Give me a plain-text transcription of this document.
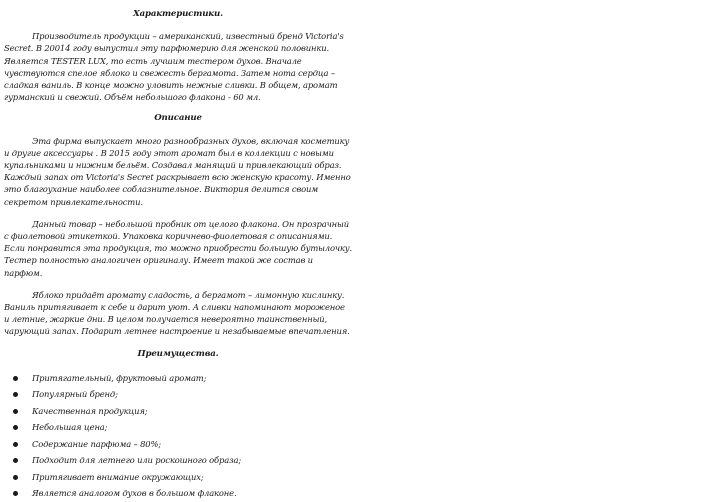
Характеристики.
Производитель продукции – американский, известный бренд Victoria's Secret. В 20014 году выпустил эту парфюмерию для женской половинки. Является TESTER LUX, то есть лучшим тестером духов. Вначале чувствуются спелое яблоко и свежесть бергамота. Затем нота сердца – сладкая ваниль. В конце можно уловить нежные сливки. В общем, аромат гурманский и свежий. Объём небольшого флакона - 60 мл.
Описание
Эта фирма выпускает много разнообразных духов, включая косметику и другие аксессуары . В 2015 году этот аромат был в коллекции с новыми купальниками и нижним бельём. Создавал манящий и привлекающий образ. Каждый запах от Victoria's Secret раскрывает всю женскую красоту. Именно это благоухание наиболее соблазнительное. Виктория делится своим секретом привлекательности.
Данный товар – небольшой пробник от целого флакона. Он прозрачный с фиолетовой этикеткой. Упаковка коричнево-фиолетовая с описаниями. Если понравится эта продукция, то можно приобрести большую бутылочку. Тестер полностью аналогичен оригиналу. Имеет такой же состав и парфюм.
Яблоко придаёт аромату сладость, а бергамот – лимонную кислинку. Ваниль притягивает к себе и дарит уют. А сливки напоминают мороженое и летние, жаркие дни. В целом получается невероятно таинственный, чарующий запах. Подарит летнее настроение и незабываемые впечатления.
Преимущества.
Притягательный, фруктовый аромат;
Популярный бренд;
Качественная продукция;
Небольшая цена;
Содержание парфюма – 80%;
Подходит для летнего или роскошного образа;
Притягивает внимание окружающих;
Является аналогом духов в большом флаконе.
